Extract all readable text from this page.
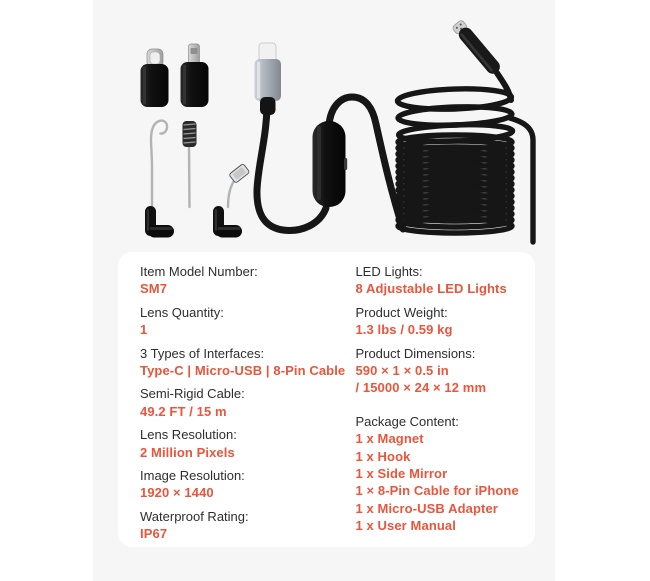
Item Model Number:
SM7
Lens Quantity:
1
3 Types of Interfaces:
Type-C | Micro-USB | 8-Pin Cable
Semi-Rigid Cable:
49.2 FT / 15 m
Lens Resolution:
2 Million Pixels
Image Resolution:
1920 × 1440
Waterproof Rating:
IP67
LED Lights:
8 Adjustable LED Lights
Product Weight:
1.3 lbs / 0.59 kg
Product Dimensions:
590 × 1 × 0.5 in
/ 15000 × 24 × 12 mm
Package Content:
1 x Magnet
1 x Hook
1 x Side Mirror
1 × 8-Pin Cable for iPhone
1 x Micro-USB Adapter
1 x User Manual
